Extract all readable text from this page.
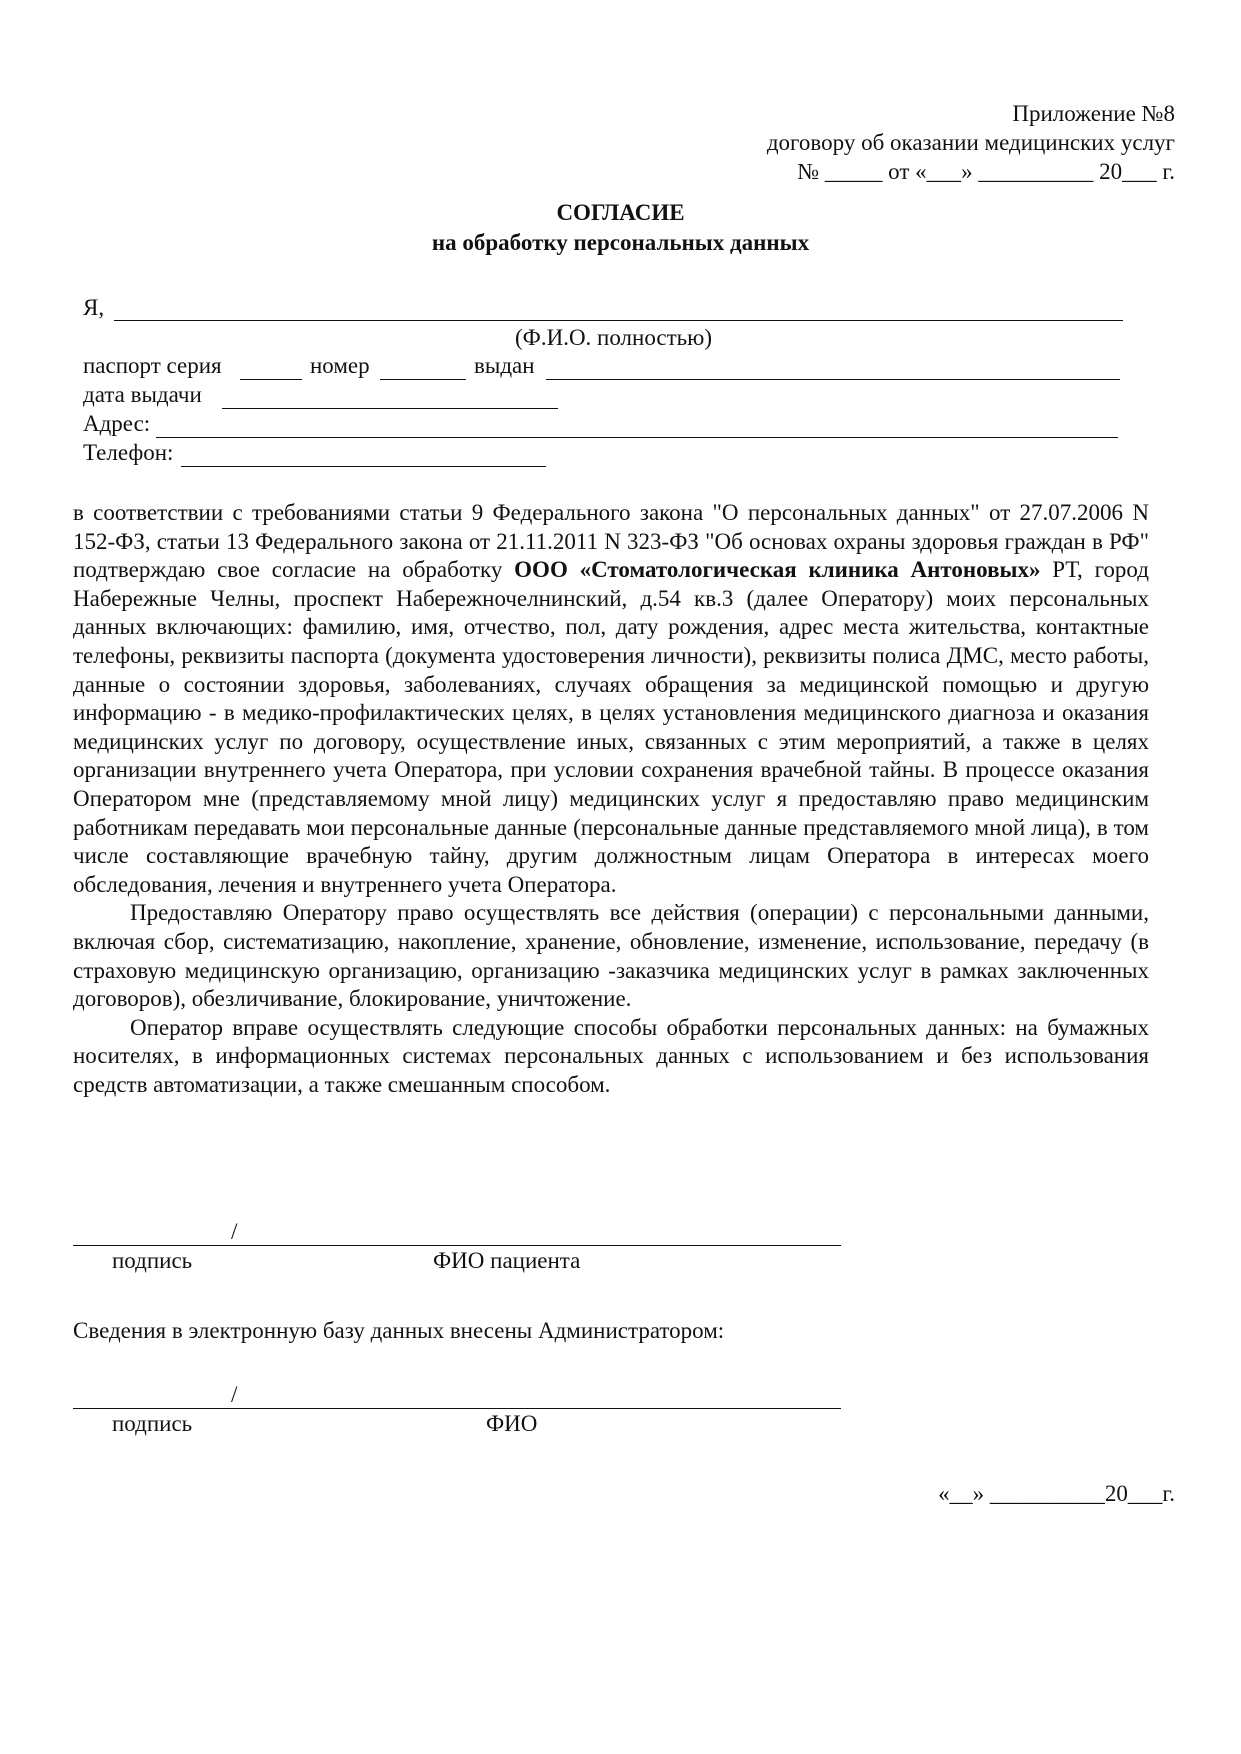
Приложение №8
договору об оказании медицинских услуг
№ _____ от «___» __________ 20___ г.
СОГЛАСИЕ
на обработку персональных данных
Я,
(Ф.И.О. полностью)
паспорт серия	номер	выдан
дата выдачи
Адрес:
Телефон:

в соответствии с требованиями статьи 9 Федерального закона "О персональных данных" от 27.07.2006 N 152-ФЗ, статьи 13 Федерального закона от 21.11.2011 N 323-ФЗ "Об основах охраны здоровья граждан в РФ" подтверждаю свое согласие на обработку ООО «Стоматологическая клиника Антоновых» РТ, город Набережные Челны, проспект Набережночелнинский, д.54 кв.3 (далее Оператору) моих персональных данных включающих: фамилию, имя, отчество, пол, дату рождения, адрес места жительства, контактные телефоны, реквизиты паспорта (документа удостоверения личности), реквизиты полиса ДМС, место работы, данные о состоянии здоровья, заболеваниях, случаях обращения за медицинской помощью и другую информацию - в медико-профилактических целях, в целях установления медицинского диагноза и оказания медицинских услуг по договору, осуществление иных, связанных с этим мероприятий, а также в целях организации внутреннего учета Оператора, при условии сохранения врачебной тайны. В процессе оказания Оператором мне (представляемому мной лицу) медицинских услуг я предоставляю право медицинским работникам передавать мои персональные данные (персональные данные представляемого мной лица), в том числе составляющие врачебную тайну, другим должностным лицам Оператора в интересах моего обследования, лечения и внутреннего учета Оператора.

Предоставляю Оператору право осуществлять все действия (операции) с персональными данными, включая сбор, систематизацию, накопление, хранение, обновление, изменение, использование, передачу (в страховую медицинскую организацию, организацию -заказчика медицинских услуг в рамках заключенных договоров), обезличивание, блокирование, уничтожение.

Оператор вправе осуществлять следующие способы обработки персональных данных: на бумажных носителях, в информационных системах персональных данных с использованием и без использования средств автоматизации, а также смешанным способом.

/
подпись	ФИО пациента
Сведения в электронную базу данных внесены Администратором:
/
подпись	ФИО
«__» __________20___г.
